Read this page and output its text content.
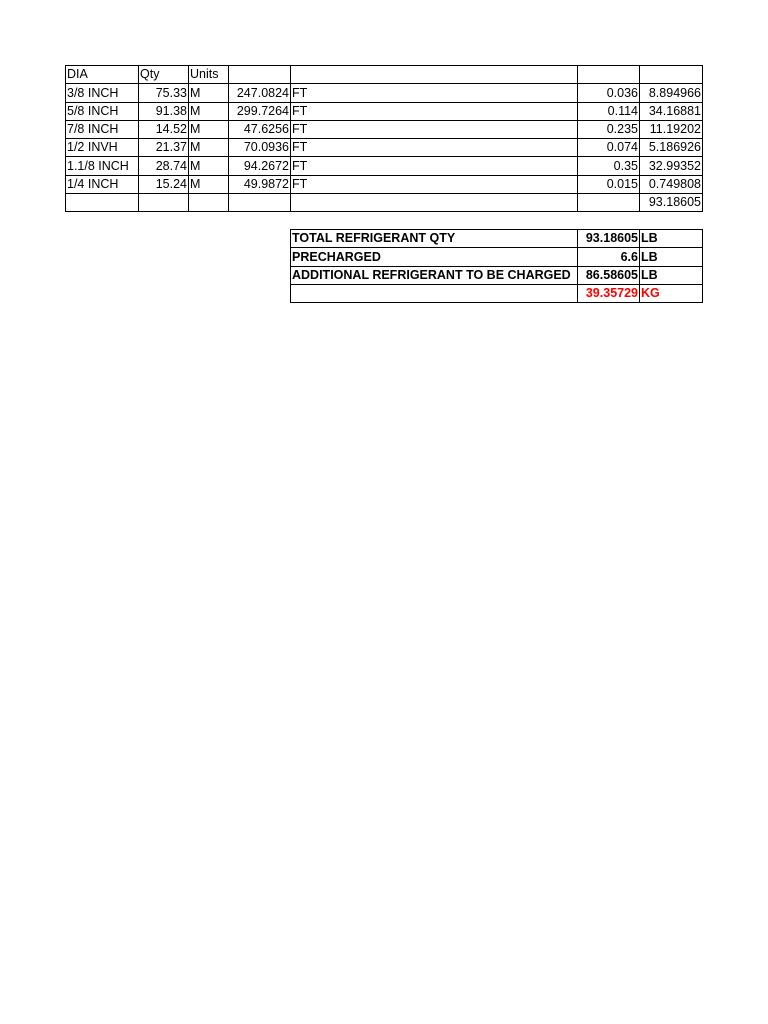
DIA	Qty	Units				
3/8 INCH	75.33	M	247.0824	FT	0.036	8.894966
5/8 INCH	91.38	M	299.7264	FT	0.114	34.16881
7/8 INCH	14.52	M	47.6256	FT	0.235	11.19202
1/2 INVH	21.37	M	70.0936	FT	0.074	5.186926
1.1/8 INCH	28.74	M	94.2672	FT	0.35	32.99352
1/4 INCH	15.24	M	49.9872	FT	0.015	0.749808
						93.18605
TOTAL REFRIGERANT QTY	93.18605	LB
PRECHARGED	6.6	LB
ADDITIONAL REFRIGERANT TO BE CHARGED	86.58605	LB
	39.35729	KG
